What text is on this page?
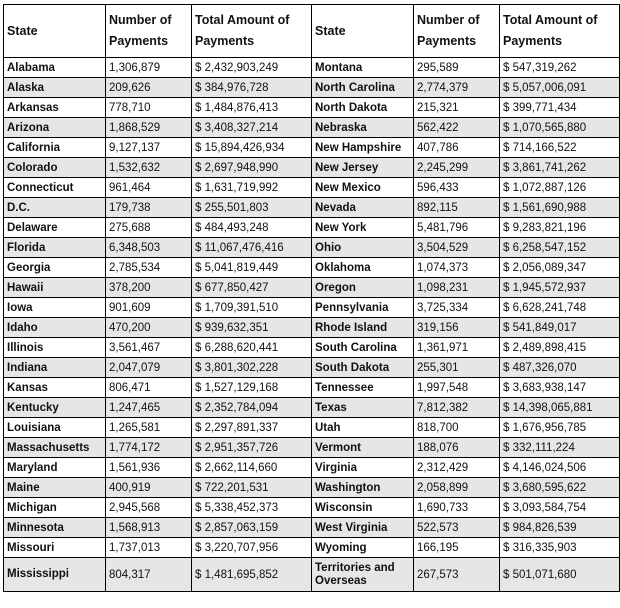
State	Number of Payments	Total Amount of Payments	State	Number of Payments	Total Amount of Payments
Alabama	1,306,879	$ 2,432,903,249	Montana	295,589	$ 547,319,262
Alaska	209,626	$ 384,976,728	North Carolina	2,774,379	$ 5,057,006,091
Arkansas	778,710	$ 1,484,876,413	North Dakota	215,321	$ 399,771,434
Arizona	1,868,529	$ 3,408,327,214	Nebraska	562,422	$ 1,070,565,880
California	9,127,137	$ 15,894,426,934	New Hampshire	407,786	$ 714,166,522
Colorado	1,532,632	$ 2,697,948,990	New Jersey	2,245,299	$ 3,861,741,262
Connecticut	961,464	$ 1,631,719,992	New Mexico	596,433	$ 1,072,887,126
D.C.	179,738	$ 255,501,803	Nevada	892,115	$ 1,561,690,988
Delaware	275,688	$ 484,493,248	New York	5,481,796	$ 9,283,821,196
Florida	6,348,503	$ 11,067,476,416	Ohio	3,504,529	$ 6,258,547,152
Georgia	2,785,534	$ 5,041,819,449	Oklahoma	1,074,373	$ 2,056,089,347
Hawaii	378,200	$ 677,850,427	Oregon	1,098,231	$ 1,945,572,937
Iowa	901,609	$ 1,709,391,510	Pennsylvania	3,725,334	$ 6,628,241,748
Idaho	470,200	$ 939,632,351	Rhode Island	319,156	$ 541,849,017
Illinois	3,561,467	$ 6,288,620,441	South Carolina	1,361,971	$ 2,489,898,415
Indiana	2,047,079	$ 3,801,302,228	South Dakota	255,301	$ 487,326,070
Kansas	806,471	$ 1,527,129,168	Tennessee	1,997,548	$ 3,683,938,147
Kentucky	1,247,465	$ 2,352,784,094	Texas	7,812,382	$ 14,398,065,881
Louisiana	1,265,581	$ 2,297,891,337	Utah	818,700	$ 1,676,956,785
Massachusetts	1,774,172	$ 2,951,357,726	Vermont	188,076	$ 332,111,224
Maryland	1,561,936	$ 2,662,114,660	Virginia	2,312,429	$ 4,146,024,506
Maine	400,919	$ 722,201,531	Washington	2,058,899	$ 3,680,595,622
Michigan	2,945,568	$ 5,338,452,373	Wisconsin	1,690,733	$ 3,093,584,754
Minnesota	1,568,913	$ 2,857,063,159	West Virginia	522,573	$ 984,826,539
Missouri	1,737,013	$ 3,220,707,956	Wyoming	166,195	$ 316,335,903
Mississippi	804,317	$ 1,481,695,852	Territories and Overseas	267,573	$ 501,071,680
